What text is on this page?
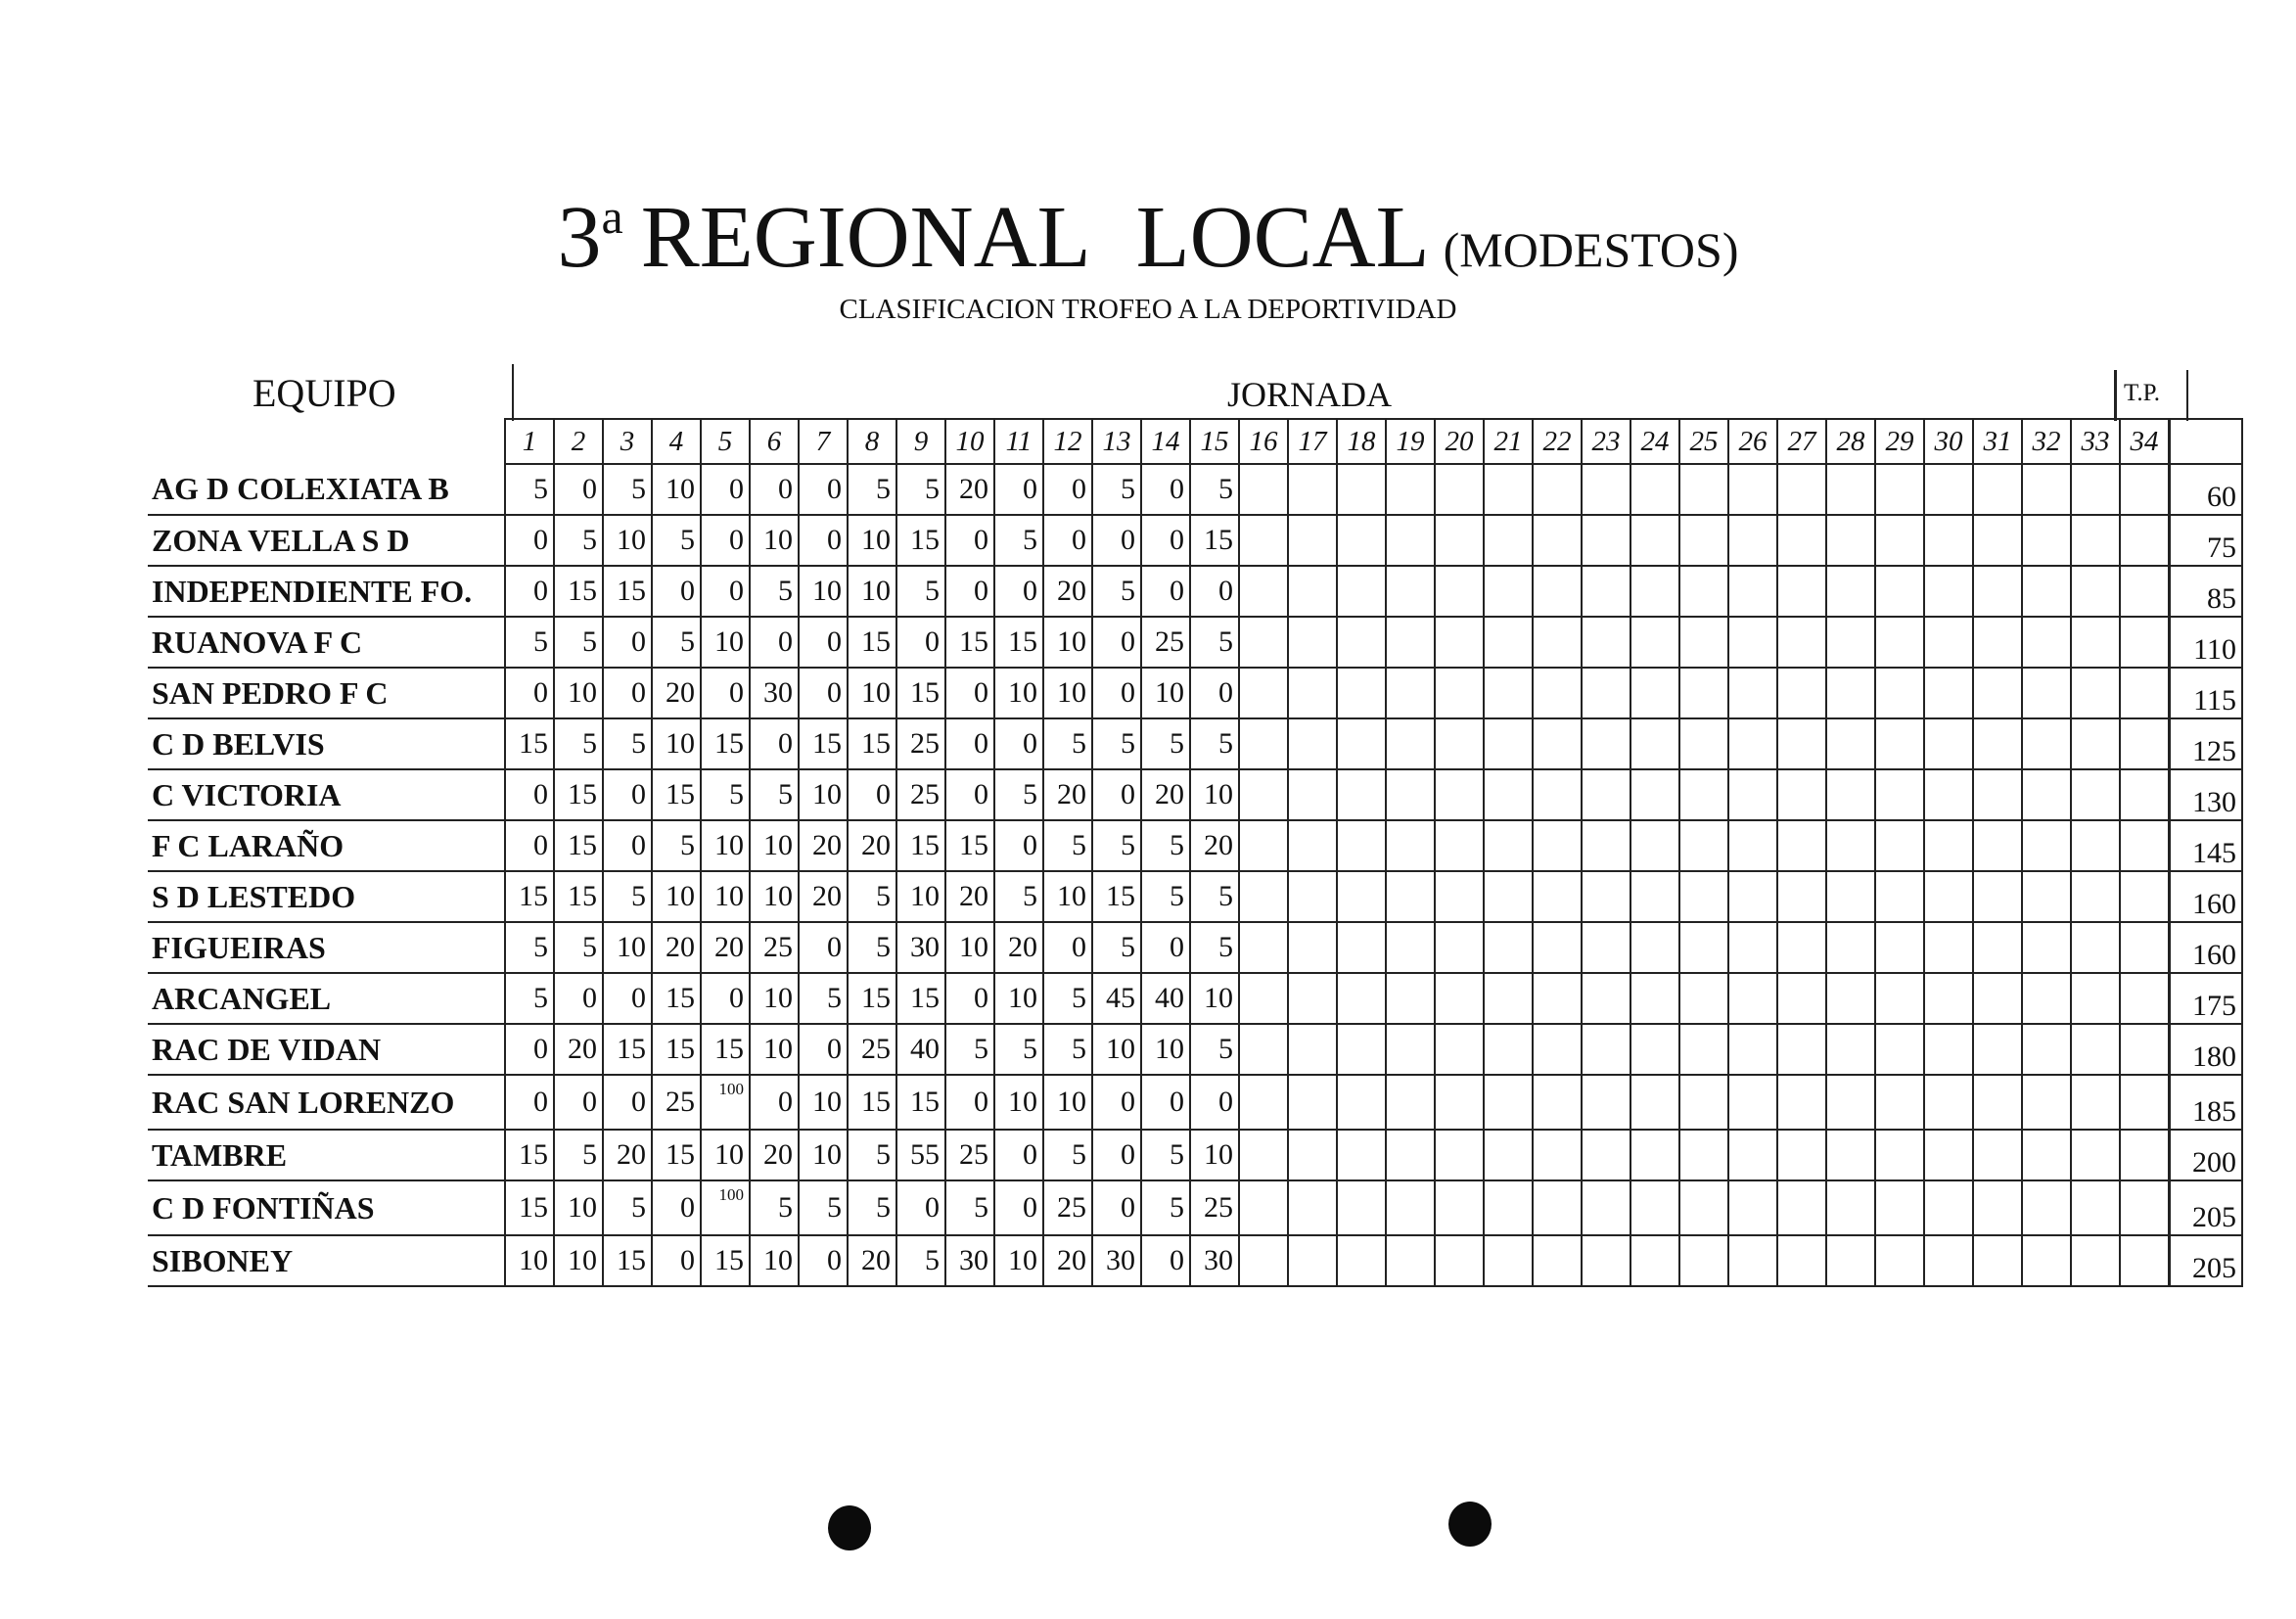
3$^a$ REGIONAL LOCAL (MODESTOS)
CLASIFICACION TROFEO A LA DEPORTIVIDAD
EQUIPO	JORNADA	T.P.
	1	2	3	4	5	6	7	8	9	10	11	12	13	14	15	16	17	18	19	20	21	22	23	24	25	26	27	28	29	30	31	32	33	34	
AG D COLEXIATA B	5	0	5	10	0	0	0	5	5	20	0	0	5	0	5																				60
ZONA VELLA S D	0	5	10	5	0	10	0	10	15	0	5	0	0	0	15																				75
INDEPENDIENTE FO.	0	15	15	0	0	5	10	10	5	0	0	20	5	0	0																				85
RUANOVA F C	5	5	0	5	10	0	0	15	0	15	15	10	0	25	5																				110
SAN PEDRO F C	0	10	0	20	0	30	0	10	15	0	10	10	0	10	0																				115
C D BELVIS	15	5	5	10	15	0	15	15	25	0	0	5	5	5	5																				125
C VICTORIA	0	15	0	15	5	5	10	0	25	0	5	20	0	20	10																				130
F C LARAÑO	0	15	0	5	10	10	20	20	15	15	0	5	5	5	20																				145
S D LESTEDO	15	15	5	10	10	10	20	5	10	20	5	10	15	5	5																				160
FIGUEIRAS	5	5	10	20	20	25	0	5	30	10	20	0	5	0	5																				160
ARCANGEL	5	0	0	15	0	10	5	15	15	0	10	5	45	40	10																				175
RAC DE VIDAN	0	20	15	15	15	10	0	25	40	5	5	5	10	10	5																				180
RAC SAN LORENZO	0	0	0	25	100	0	10	15	15	0	10	10	0	0	0																				185
TAMBRE	15	5	20	15	10	20	10	5	55	25	0	5	0	5	10																				200
C D FONTIÑAS	15	10	5	0	100	5	5	5	0	5	0	25	0	5	25																				205
SIBONEY	10	10	15	0	15	10	0	20	5	30	10	20	30	0	30																				205
